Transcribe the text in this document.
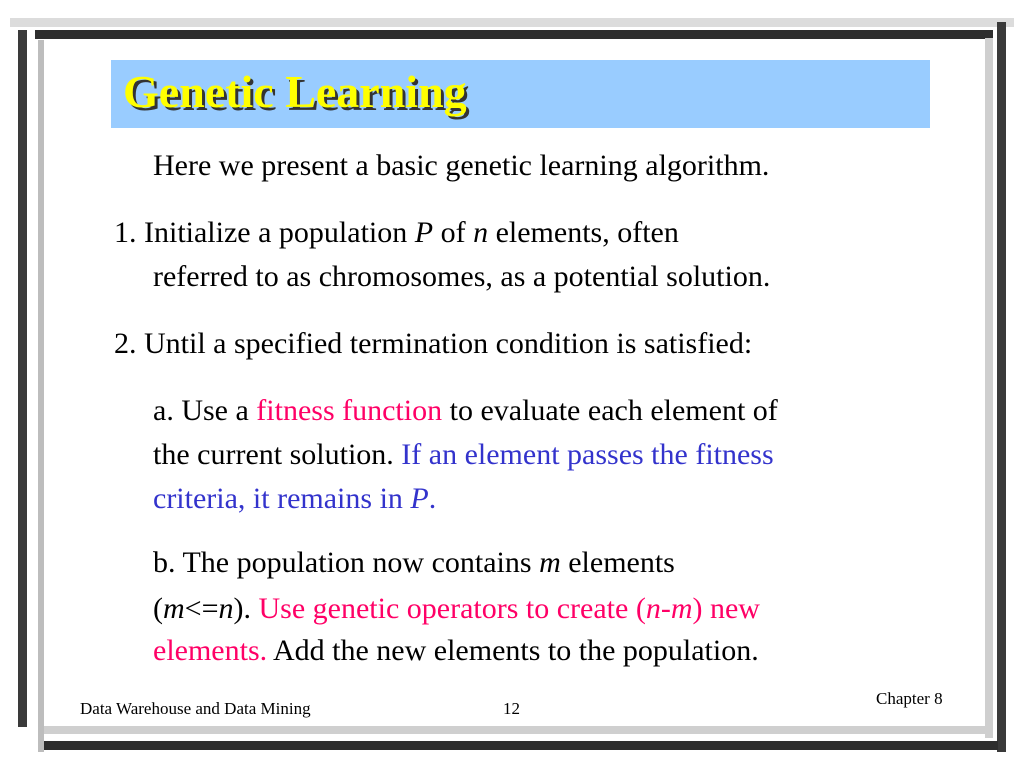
Genetic Learning

Here we present a basic genetic learning algorithm.

1. Initialize a population P of n elements, often

referred to as chromosomes, as a potential solution.

2. Until a specified termination condition is satisfied:

a. Use a fitness function to evaluate each element of

the current solution. If an element passes the fitness

criteria, it remains in P.

b. The population now contains m elements

(m<=n). Use genetic operators to create (n-m) new

elements. Add the new elements to the population.

Data Warehouse and Data Mining	12
Chapter 8
